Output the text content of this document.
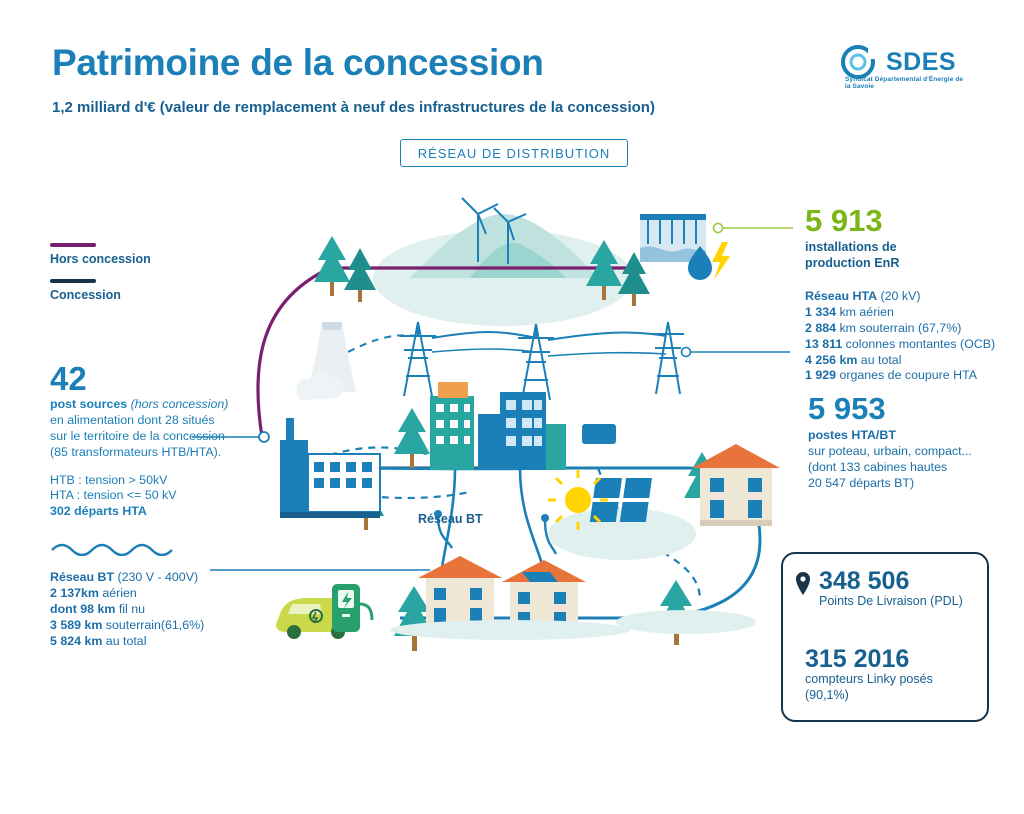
Patrimoine de la concession
1,2 milliard d'€ (valeur de remplacement à neuf des infrastructures de la concession)
RÉSEAU DE DISTRIBUTION
SDES
Syndicat Départemental d'Énergie de la Savoie
Hors concession
Concession
42
post sources (hors concession)
en alimentation dont 28 situés
sur le territoire de la concession
(85 transformateurs HTB/HTA).
HTB : tension > 50kV
HTA : tension <= 50 kV
302 départs HTA
Réseau BT (230 V - 400V)
2 137km aérien
dont 98 km fil nu
3 589 km souterrain(61,6%)
5 824 km au total
5 913
installations de
production EnR
Réseau HTA (20 kV)
1 334 km aérien
2 884 km souterrain (67,7%)
13 811 colonnes montantes (OCB)
4 256 km au total
1 929 organes de coupure HTA
5 953
postes HTA/BT
sur poteau, urbain, compact...
(dont 133 cabines hautes
20 547 départs BT)
Réseau BT
348 506
Points De Livraison (PDL)
315 2016
compteurs Linky posés
(90,1%)
